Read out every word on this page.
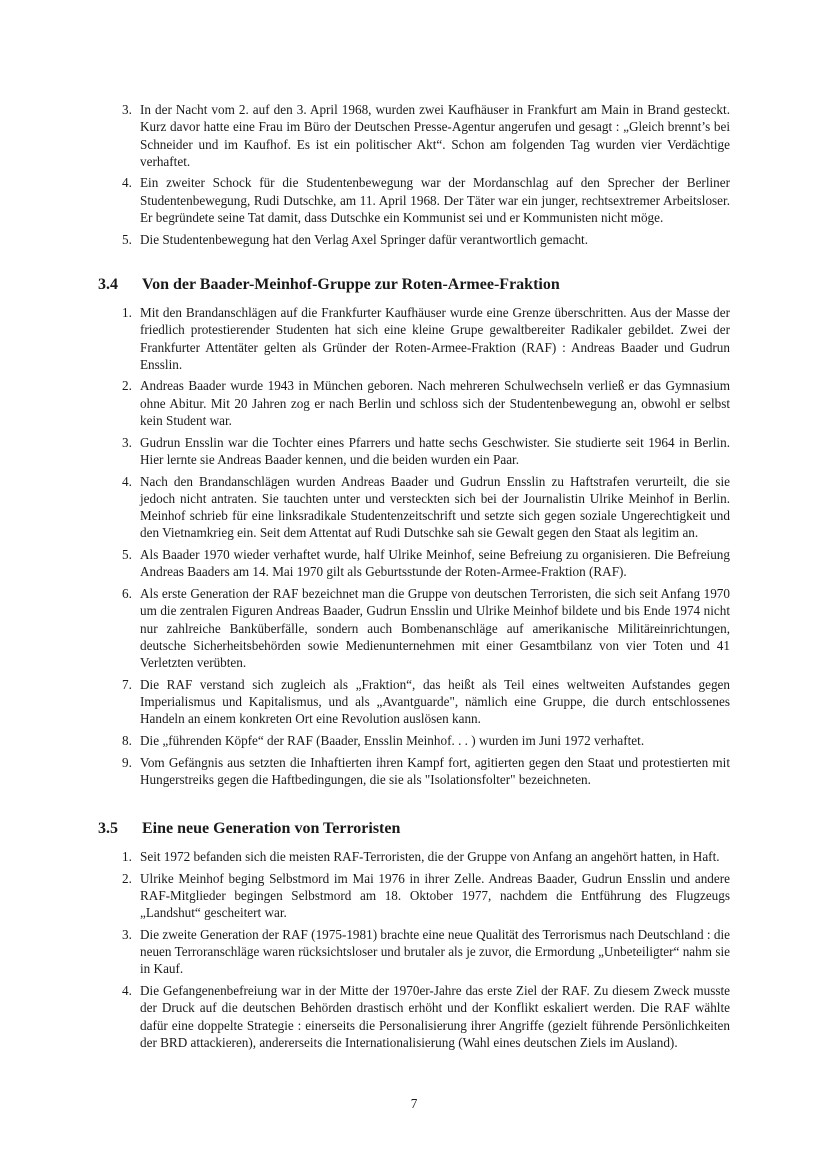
3. In der Nacht vom 2. auf den 3. April 1968, wurden zwei Kaufhäuser in Frankfurt am Main in Brand gesteckt. Kurz davor hatte eine Frau im Büro der Deutschen Presse-Agentur angerufen und gesagt : „Gleich brennt’s bei Schneider und im Kaufhof. Es ist ein politischer Akt“. Schon am folgenden Tag wurden vier Verdächtige verhaftet.
4. Ein zweiter Schock für die Studentenbewegung war der Mordanschlag auf den Sprecher der Berliner Studentenbewegung, Rudi Dutschke, am 11. April 1968. Der Täter war ein junger, rechtsextremer Arbeitsloser. Er begründete seine Tat damit, dass Dutschke ein Kommunist sei und er Kommunisten nicht möge.
5. Die Studentenbewegung hat den Verlag Axel Springer dafür verantwortlich gemacht.
3.4 Von der Baader-Meinhof-Gruppe zur Roten-Armee-Fraktion
1. Mit den Brandanschlägen auf die Frankfurter Kaufhäuser wurde eine Grenze überschritten. Aus der Masse der friedlich protestierender Studenten hat sich eine kleine Grupe gewaltbereiter Radikaler gebildet. Zwei der Frankfurter Attentäter gelten als Gründer der Roten-Armee-Fraktion (RAF) : Andreas Baader und Gudrun Ensslin.
2. Andreas Baader wurde 1943 in München geboren. Nach mehreren Schulwechseln verließ er das Gymnasium ohne Abitur. Mit 20 Jahren zog er nach Berlin und schloss sich der Studentenbewegung an, obwohl er selbst kein Student war.
3. Gudrun Ensslin war die Tochter eines Pfarrers und hatte sechs Geschwister. Sie studierte seit 1964 in Berlin. Hier lernte sie Andreas Baader kennen, und die beiden wurden ein Paar.
4. Nach den Brandanschlägen wurden Andreas Baader und Gudrun Ensslin zu Haftstrafen verurteilt, die sie jedoch nicht antraten. Sie tauchten unter und versteckten sich bei der Journalistin Ulrike Meinhof in Berlin. Meinhof schrieb für eine linksradikale Studentenzeitschrift und setzte sich gegen soziale Ungerechtigkeit und den Vietnamkrieg ein. Seit dem Attentat auf Rudi Dutschke sah sie Gewalt gegen den Staat als legitim an.
5. Als Baader 1970 wieder verhaftet wurde, half Ulrike Meinhof, seine Befreiung zu organisieren. Die Befreiung Andreas Baaders am 14. Mai 1970 gilt als Geburtsstunde der Roten-Armee-Fraktion (RAF).
6. Als erste Generation der RAF bezeichnet man die Gruppe von deutschen Terroristen, die sich seit Anfang 1970 um die zentralen Figuren Andreas Baader, Gudrun Ensslin und Ulrike Meinhof bildete und bis Ende 1974 nicht nur zahlreiche Banküberfälle, sondern auch Bombenanschläge auf amerikanische Militäreinrichtungen, deutsche Sicherheitsbehörden sowie Medienunternehmen mit einer Gesamtbilanz von vier Toten und 41 Verletzten verübten.
7. Die RAF verstand sich zugleich als „Fraktion“, das heißt als Teil eines weltweiten Aufstandes gegen Imperialismus und Kapitalismus, und als „Avantguarde", nämlich eine Gruppe, die durch entschlossenes Handeln an einem konkreten Ort eine Revolution auslösen kann.
8. Die „führenden Köpfe“ der RAF (Baader, Ensslin Meinhof. . . ) wurden im Juni 1972 verhaftet.
9. Vom Gefängnis aus setzten die Inhaftierten ihren Kampf fort, agitierten gegen den Staat und protestierten mit Hungerstreiks gegen die Haftbedingungen, die sie als "Isolationsfolter" bezeichneten.
3.5 Eine neue Generation von Terroristen
1. Seit 1972 befanden sich die meisten RAF-Terroristen, die der Gruppe von Anfang an angehört hatten, in Haft.
2. Ulrike Meinhof beging Selbstmord im Mai 1976 in ihrer Zelle. Andreas Baader, Gudrun Ensslin und andere RAF-Mitglieder begingen Selbstmord am 18. Oktober 1977, nachdem die Entführung des Flugzeugs „Landshut“ gescheitert war.
3. Die zweite Generation der RAF (1975-1981) brachte eine neue Qualität des Terrorismus nach Deutschland : die neuen Terroranschläge waren rücksichtsloser und brutaler als je zuvor, die Ermordung „Unbeteiligter“ nahm sie in Kauf.
4. Die Gefangenenbefreiung war in der Mitte der 1970er-Jahre das erste Ziel der RAF. Zu diesem Zweck musste der Druck auf die deutschen Behörden drastisch erhöht und der Konflikt eskaliert werden. Die RAF wählte dafür eine doppelte Strategie : einerseits die Personalisierung ihrer Angriffe (gezielt führende Persönlichkeiten der BRD attackieren), andererseits die Internationalisierung (Wahl eines deutschen Ziels im Ausland).
7
